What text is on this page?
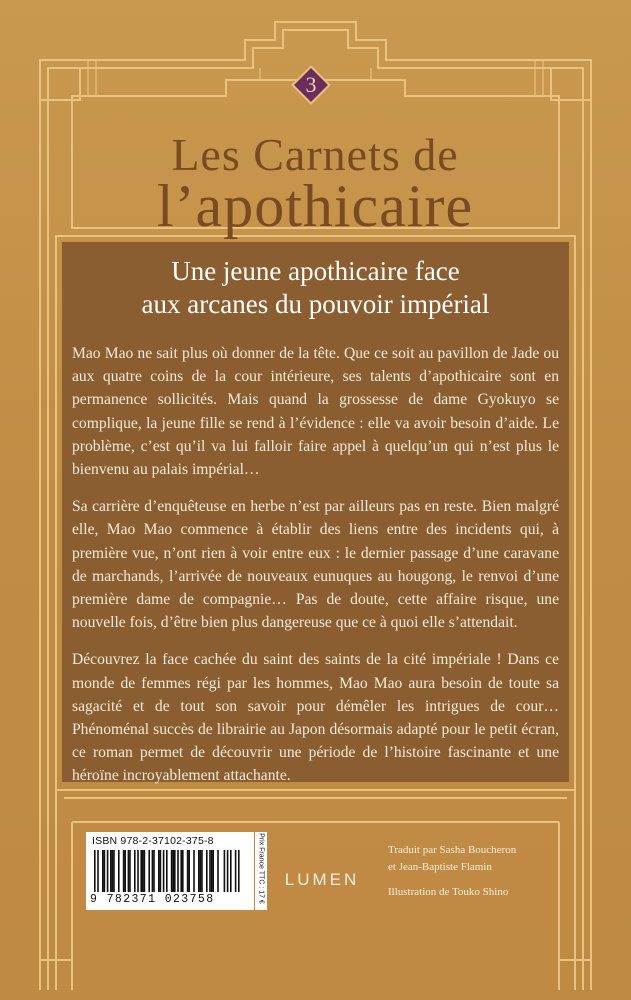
3
Les Carnets de
l’apothicaire
Une jeune apothicaire face
aux arcanes du pouvoir impérial

Mao Mao ne sait plus où donner de la tête. Que ce soit au pavillon de Jade ou aux quatre coins de la cour intérieure, ses talents d’apothicaire sont en permanence sollicités. Mais quand la grossesse de dame Gyokuyo se complique, la jeune fille se rend à l’évidence : elle va avoir besoin d’aide. Le problème, c’est qu’il va lui falloir faire appel à quelqu’un qui n’est plus le bienvenu au palais impérial…

Sa carrière d’enquêteuse en herbe n’est par ailleurs pas en reste. Bien malgré elle, Mao Mao commence à établir des liens entre des incidents qui, à première vue, n’ont rien à voir entre eux : le dernier passage d’une caravane de marchands, l’arrivée de nouveaux eunuques au hougong, le renvoi d’une première dame de compagnie… Pas de doute, cette affaire risque, une nouvelle fois, d’être bien plus dangereuse que ce à quoi elle s’attendait.

Découvrez la face cachée du saint des saints de la cité impériale ! Dans ce monde de femmes régi par les hommes, Mao Mao aura besoin de toute sa sagacité et de tout son savoir pour démêler les intrigues de cour… Phénoménal succès de librairie au Japon désormais adapté pour le petit écran, ce roman permet de découvrir une période de l’histoire fascinante et une héroïne incroyablement attachante.

ISBN 978-2-37102-375-8
9 782371 023758	Prix France TTC : 17 €	LUMEN
Traduit par Sasha Boucheron
et Jean-Baptiste Flamin
Illustration de Touko Shino
